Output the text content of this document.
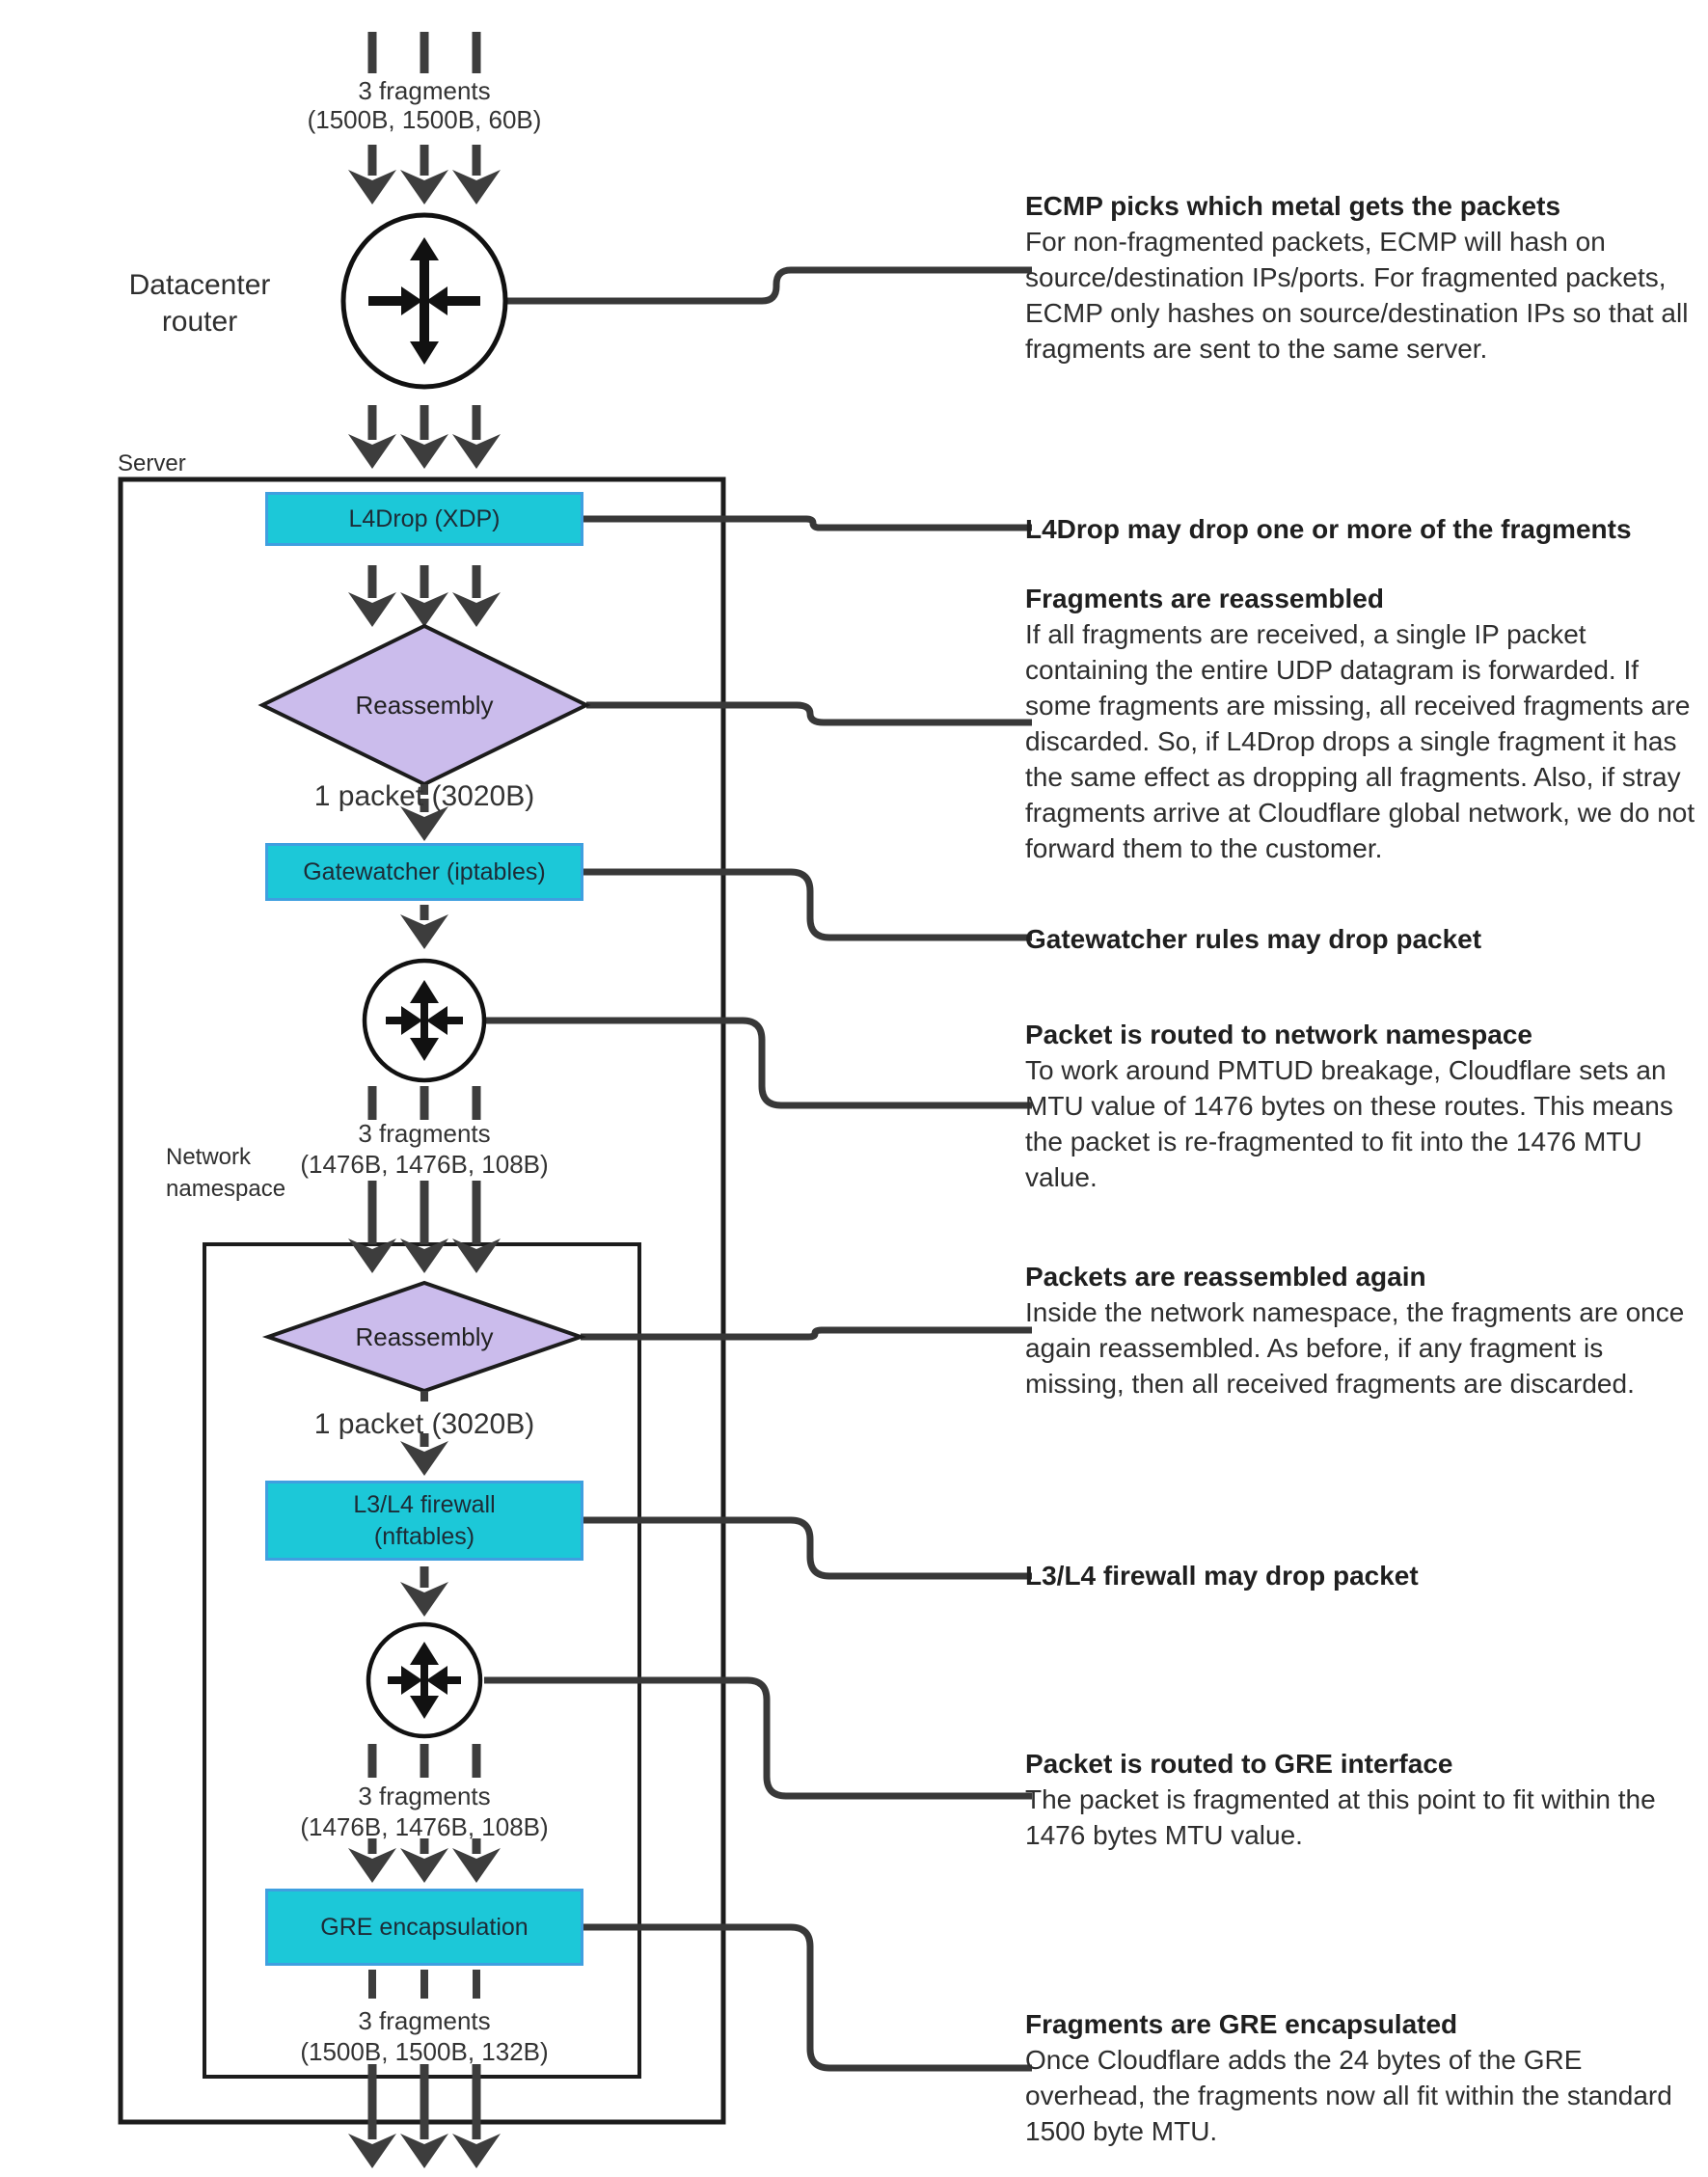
Datacenter
router
Server
Network
namespace
3 fragments
(1500B, 1500B, 60B)
1 packet (3020B)
3 fragments
(1476B, 1476B, 108B)
1 packet (3020B)
3 fragments
(1476B, 1476B, 108B)
3 fragments
(1500B, 1500B, 132B)
L4Drop (XDP)
Gatewatcher (iptables)
L3/L4 firewall
(nftables)
GRE encapsulation
Reassembly
Reassembly
ECMP picks which metal gets the packets
For non-fragmented packets, ECMP will hash on source/destination IPs/ports. For fragmented packets, ECMP only hashes on source/destination IPs so that all fragments are sent to the same server.
L4Drop may drop one or more of the fragments
Fragments are reassembled
If all fragments are received, a single IP packet containing the entire UDP datagram is forwarded. If some fragments are missing, all received fragments are discarded. So, if L4Drop drops a single fragment it has the same effect as dropping all fragments. Also, if stray fragments arrive at Cloudflare global network, we do not forward them to the customer.
Gatewatcher rules may drop packet
Packet is routed to network namespace
To work around PMTUD breakage, Cloudflare sets an MTU value of 1476 bytes on these routes. This means the packet is re-fragmented to fit into the 1476 MTU value.
Packets are reassembled again
Inside the network namespace, the fragments are once again reassembled. As before, if any fragment is missing, then all received fragments are discarded.
L3/L4 firewall may drop packet
Packet is routed to GRE interface
The packet is fragmented at this point to fit within the 1476 bytes MTU value.
Fragments are GRE encapsulated
Once Cloudflare adds the 24 bytes of the GRE overhead, the fragments now all fit within the standard 1500 byte MTU.
